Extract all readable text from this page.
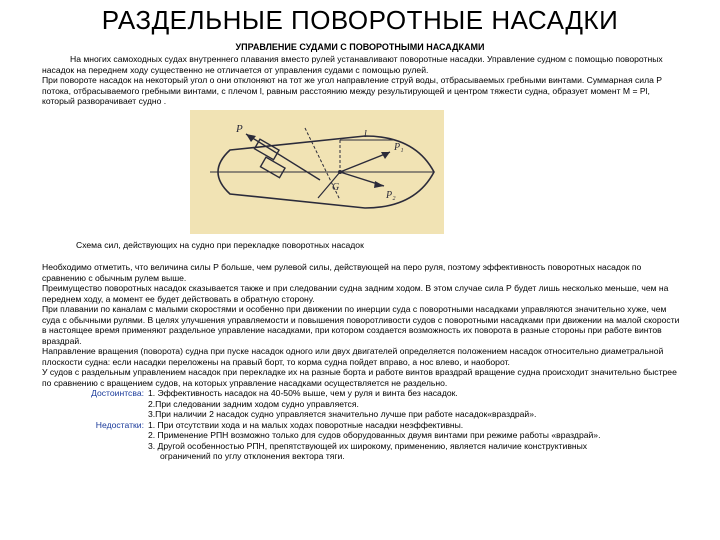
РАЗДЕЛЬНЫЕ ПОВОРОТНЫЕ НАСАДКИ
УПРАВЛЕНИЕ СУДАМИ С ПОВОРОТНЫМИ НАСАДКАМИ

На многих самоходных судах внутреннего плавания вместо рулей устанавливают поворотные насадки. Управление судном с помощью поворотных насадок на переднем ходу существенно не отличается от управления судами с помощью рулей.

При повороте насадок на некоторый угол о они отклоняют на тот же угол направление струй воды, отбрасываемых гребными винтами. Суммарная сила Р потока, отбрасываемого гребными винтами, с плечом l, равным расстоянию между результирующей и центром тяжести судна, образует момент М = Pl, который разворачивает судно .

P
P₁
G
P₂
l
Схема сил, действующих на судно при перекладке поворотных насадок

Необходимо отметить, что величина силы Р больше, чем рулевой силы, действующей на перо руля, поэтому эффективность поворотных насадок по сравнению с обычным рулем выше.

Преимущество поворотных насадок сказывается также и при следовании судна задним ходом. В этом случае сила Р будет лишь несколько меньше, чем на переднем ходу, а момент ее будет действовать в обратную сторону.

При плавании по каналам с малыми скоростями и особенно при движении по инерции суда с поворотными насадками управляются значительно хуже, чем суда с обычными рулями. В целях улучшения управляемости и повышения поворотливости судов с поворотными насадками при движении на малой скорости в настоящее время применяют раздельное управление насадками, при котором создается возможность их поворота в разные стороны при работе винтов враздрай.

Направление вращения (поворота) судна при пуске насадок одного или двух двигателей определяется положением насадок относительно диаметральной плоскости судна: если насадки переложены на правый борт, то корма судна пойдет вправо, а нос влево, и наоборот.

У судов с раздельным управлением насадок при перекладке их на разные борта и работе винтов враздрай вращение судна происходит значительно быстрее по сравнению с вращением судов, на которых управление насадками осуществляется не раздельно.

Достоинтсва: 1. Эффективность насадок на 40-50% выше, чем у руля и винта без насадок.
2.При следовании задним ходом судно управляется.
3.При наличии 2 насадок судно управляется значительно лучше при работе насадок«враздрай».
Недостатки: 1. При отсутствии хода и на малых ходах поворотные насадки неэффективны.
2. Применение РПН возможно только для судов оборудованных двумя винтами при режиме работы «враздрай».
3. Другой особенностью РПН, препятствующей их широкому, применению, является наличие конструктивных
ограничений по углу отклонения вектора тяги.
